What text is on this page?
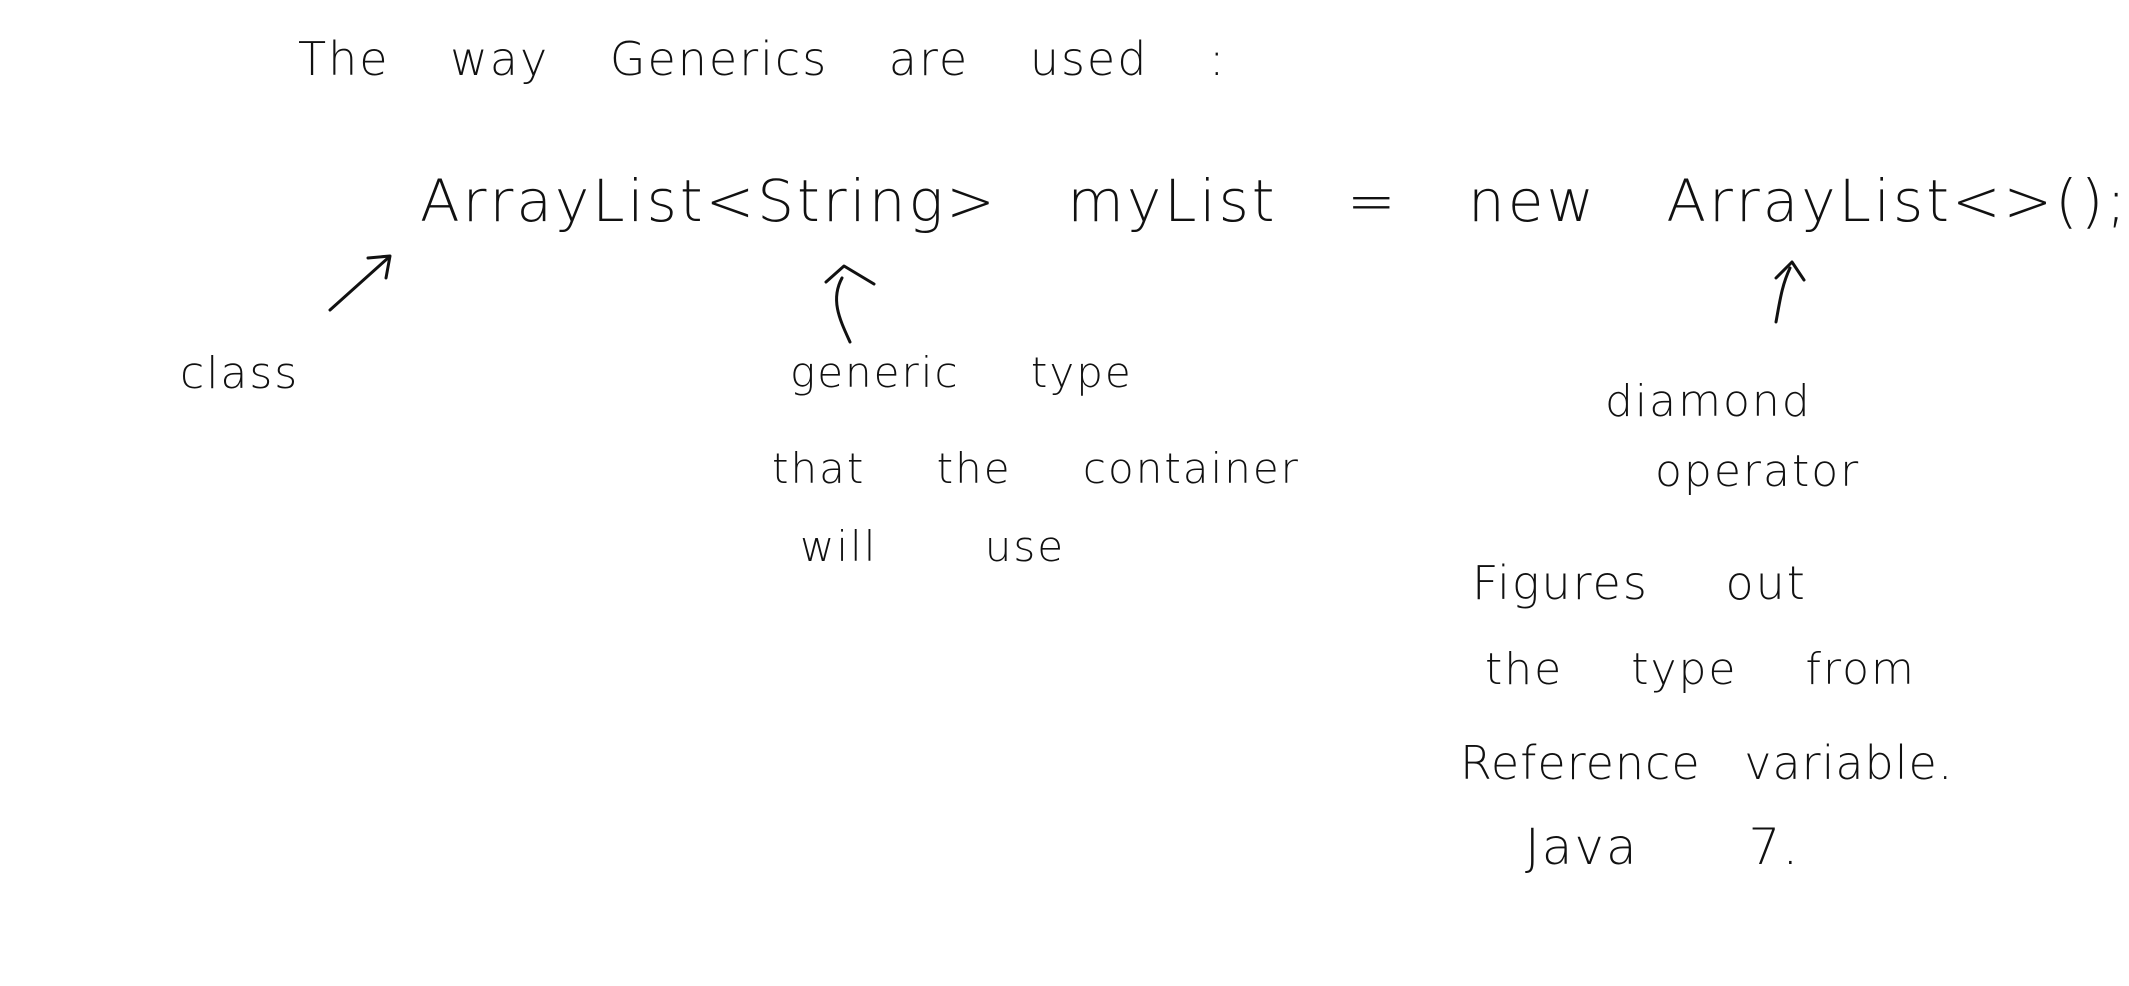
The way Generics are used :
ArrayList<String> myList = new ArrayList<>();
class	generic type
that the container
will use
diamond
operator
Figures out
the type from
Reference variable.
Java 7.
